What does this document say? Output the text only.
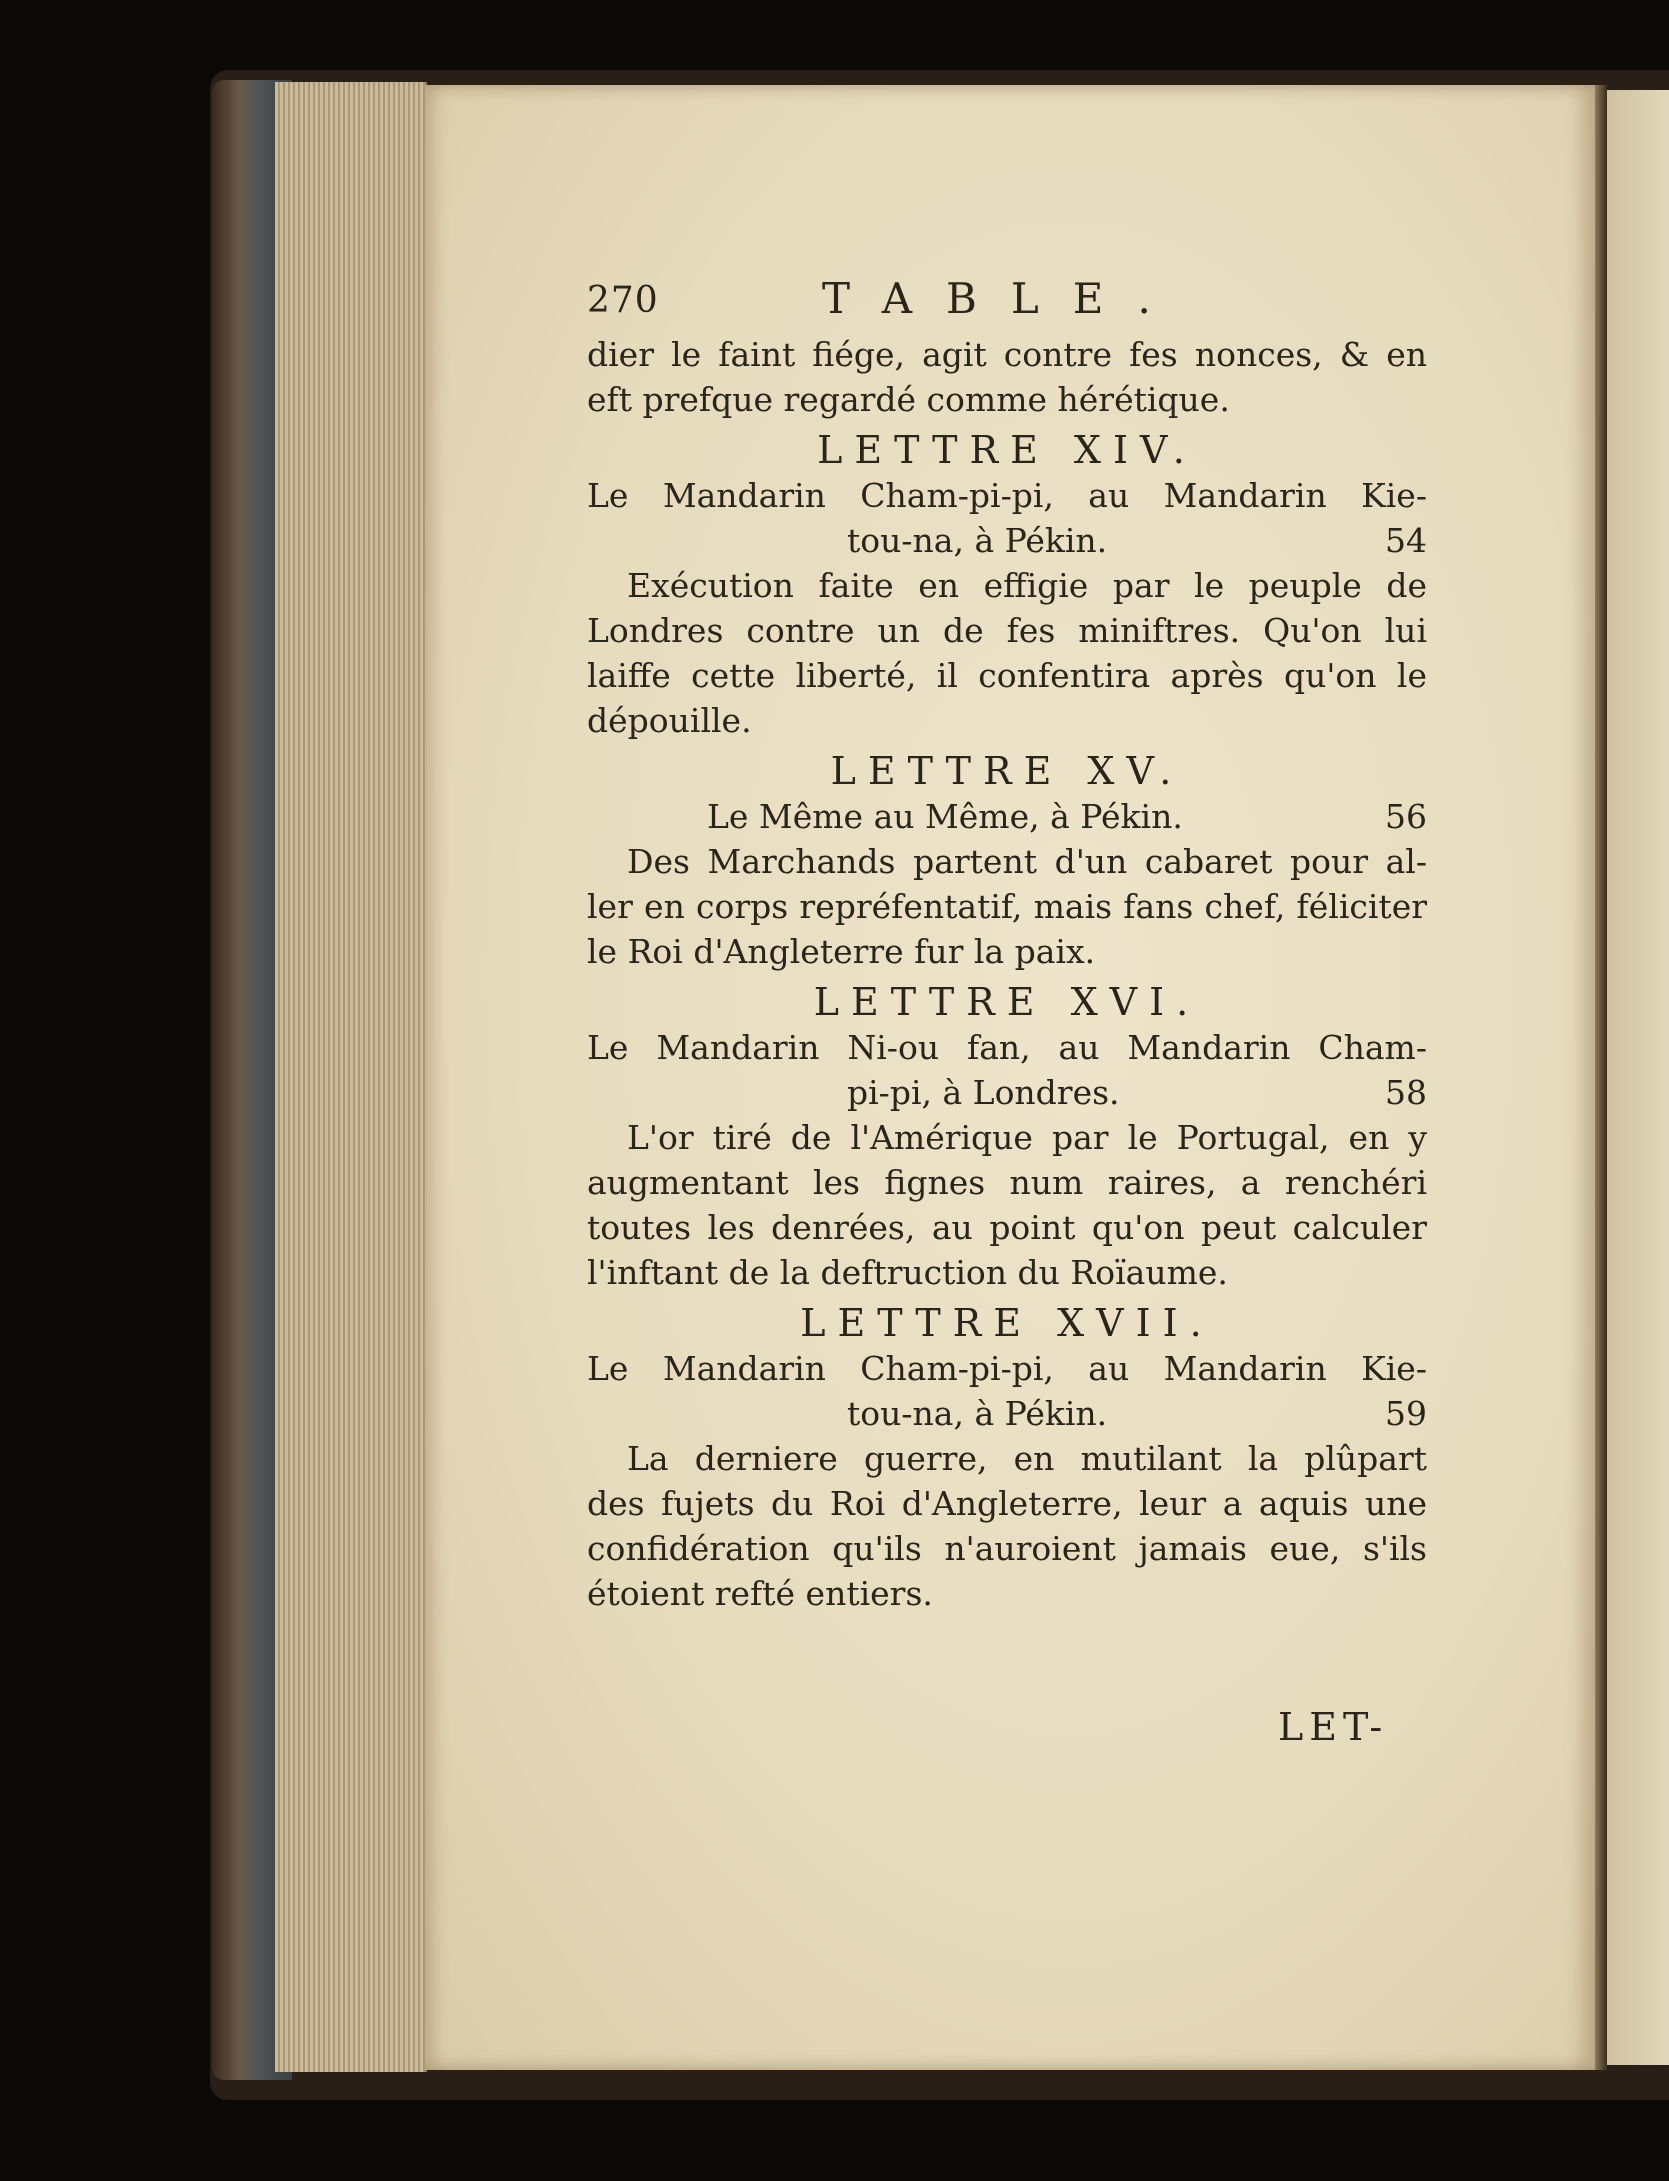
270	TABLE.
dier le faint fiége, agit contre fes nonces, & en
eft prefque regardé comme hérétique.
LETTRE XIV.
Le Mandarin Cham-pi-pi, au Mandarin Kie-
tou-na, à Pékin.	54
Exécution faite en effigie par le peuple de
Londres contre un de fes miniftres. Qu'on lui
laiffe cette liberté, il confentira après qu'on le
dépouille.
LETTRE XV.
Le Même au Même, à Pékin.	56
Des Marchands partent d'un cabaret pour al-
ler en corps repréfentatif, mais fans chef, féliciter
le Roi d'Angleterre fur la paix.
LETTRE XVI.
Le Mandarin Ni-ou fan, au Mandarin Cham-
pi-pi, à Londres.	58
L'or tiré de l'Amérique par le Portugal, en y
augmentant les fignes num raires, a renchéri
toutes les denrées, au point qu'on peut calculer
l'inftant de la deftruction du Roïaume.
LETTRE XVII.
Le Mandarin Cham-pi-pi, au Mandarin Kie-
tou-na, à Pékin.	59
La derniere guerre, en mutilant la plûpart
des fujets du Roi d'Angleterre, leur a aquis une
confidération qu'ils n'auroient jamais eue, s'ils
étoient refté entiers.
LET-
